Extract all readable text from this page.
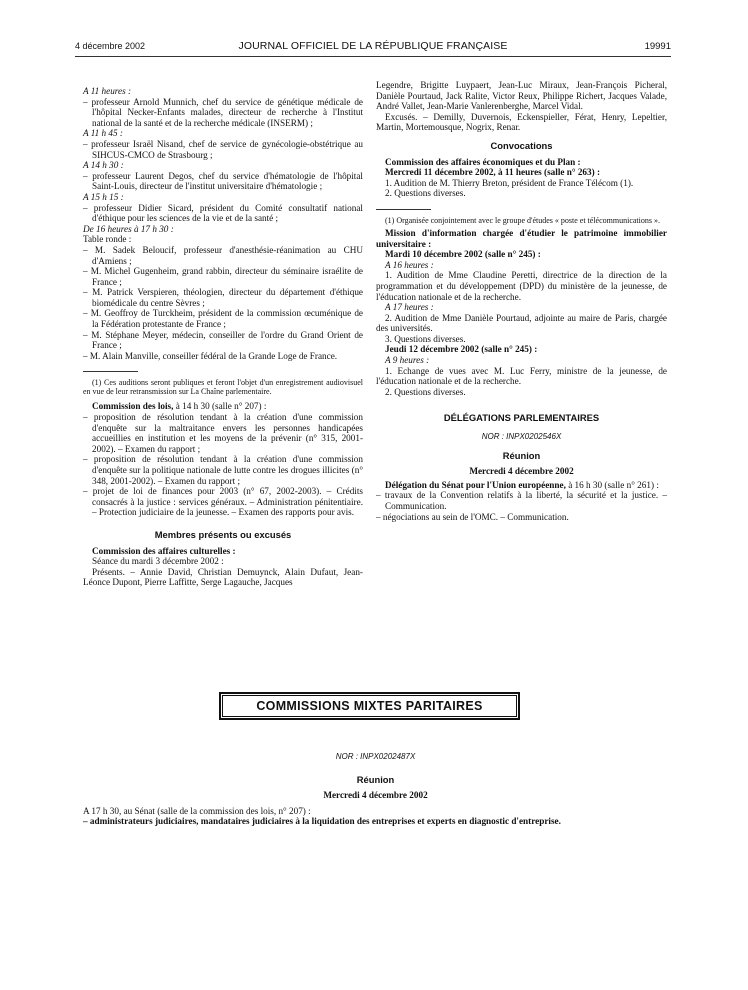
4 décembre 2002	JOURNAL OFFICIEL DE LA RÉPUBLIQUE FRANÇAISE	19991

A 11 heures :

– professeur Arnold Munnich, chef du service de génétique médicale de l'hôpital Necker-Enfants malades, directeur de recherche à l'Institut national de la santé et de la recherche médicale (INSERM) ;

A 11 h 45 :

– professeur Israël Nisand, chef de service de gynécologie-obstétrique au SIHCUS-CMCO de Strasbourg ;

A 14 h 30 :

– professeur Laurent Degos, chef du service d'hématologie de l'hôpital Saint-Louis, directeur de l'institut universitaire d'hématologie ;

A 15 h 15 :

– professeur Didier Sicard, président du Comité consultatif national d'éthique pour les sciences de la vie et de la santé ;

De 16 heures à 17 h 30 :

Table ronde :

– M. Sadek Beloucif, professeur d'anesthésie-réanimation au CHU d'Amiens ;

– M. Michel Gugenheim, grand rabbin, directeur du séminaire israélite de France ;

– M. Patrick Verspieren, théologien, directeur du département d'éthique biomédicale du centre Sèvres ;

– M. Geoffroy de Turckheim, président de la commission œcuménique de la Fédération protestante de France ;

– M. Stéphane Meyer, médecin, conseiller de l'ordre du Grand Orient de France ;

– M. Alain Manville, conseiller fédéral de la Grande Loge de France.

(1) Ces auditions seront publiques et feront l'objet d'un enregistrement audiovisuel en vue de leur retransmission sur La Chaîne parlementaire.

Commission des lois, à 14 h 30 (salle n° 207) :

– proposition de résolution tendant à la création d'une commission d'enquête sur la maltraitance envers les personnes handicapées accueillies en institution et les moyens de la prévenir (n° 315, 2001-2002). – Examen du rapport ;

– proposition de résolution tendant à la création d'une commission d'enquête sur la politique nationale de lutte contre les drogues illicites (n° 348, 2001-2002). – Examen du rapport ;

– projet de loi de finances pour 2003 (n° 67, 2002-2003). – Crédits consacrés à la justice : services généraux. – Administration pénitentiaire. – Protection judiciaire de la jeunesse. – Examen des rapports pour avis.

Membres présents ou excusés

Commission des affaires culturelles :

Séance du mardi 3 décembre 2002 :

Présents. – Annie David, Christian Demuynck, Alain Dufaut, Jean-Léonce Dupont, Pierre Laffitte, Serge Lagauche, Jacques

Legendre, Brigitte Luypaert, Jean-Luc Miraux, Jean-François Picheral, Danièle Pourtaud, Jack Ralite, Victor Reux, Philippe Richert, Jacques Valade, André Vallet, Jean-Marie Vanlerenberghe, Marcel Vidal.

Excusés. – Demilly, Duvernois, Eckenspieller, Férat, Henry, Lepeltier, Martin, Mortemousque, Nogrix, Renar.

Convocations

Commission des affaires économiques et du Plan :

Mercredi 11 décembre 2002, à 11 heures (salle n° 263) :

1. Audition de M. Thierry Breton, président de France Télécom (1).

2. Questions diverses.

(1) Organisée conjointement avec le groupe d'études « poste et télécommunications ».

Mission d'information chargée d'étudier le patrimoine immobilier universitaire :

Mardi 10 décembre 2002 (salle n° 245) :

A 16 heures :

1. Audition de Mme Claudine Peretti, directrice de la direction de la programmation et du développement (DPD) du ministère de la jeunesse, de l'éducation nationale et de la recherche.

A 17 heures :

2. Audition de Mme Danièle Pourtaud, adjointe au maire de Paris, chargée des universités.

3. Questions diverses.

Jeudi 12 décembre 2002 (salle n° 245) :

A 9 heures :

1. Echange de vues avec M. Luc Ferry, ministre de la jeunesse, de l'éducation nationale et de la recherche.

2. Questions diverses.

DÉLÉGATIONS PARLEMENTAIRES

NOR : INPX0202546X

Réunion

Mercredi 4 décembre 2002

Délégation du Sénat pour l'Union européenne, à 16 h 30 (salle n° 261) :

– travaux de la Convention relatifs à la liberté, la sécurité et la justice. – Communication.

– négociations au sein de l'OMC. – Communication.

COMMISSIONS MIXTES PARITAIRES

NOR : INPX0202487X

Réunion

Mercredi 4 décembre 2002

A 17 h 30, au Sénat (salle de la commission des lois, n° 207) :

– administrateurs judiciaires, mandataires judiciaires à la liquidation des entreprises et experts en diagnostic d'entreprise.
